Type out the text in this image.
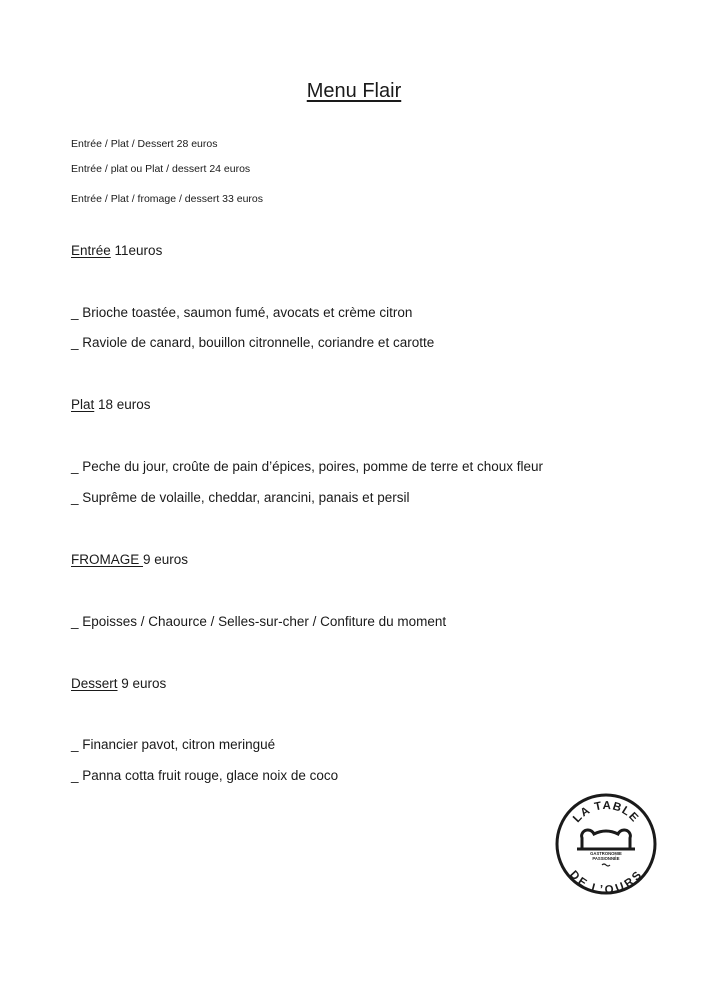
Menu Flair
Entrée / Plat / Dessert 28 euros
Entrée / plat ou Plat / dessert 24 euros
Entrée / Plat / fromage / dessert 33 euros
Entrée 11euros
_ Brioche toastée, saumon fumé, avocats et crème citron
_ Raviole de canard, bouillon citronnelle, coriandre et carotte
Plat 18 euros
_ Peche du jour, croûte de pain d’épices, poires, pomme de terre et choux fleur
_ Suprême de volaille, cheddar, arancini, panais et persil
FROMAGE 9 euros
_ Epoisses / Chaource / Selles-sur-cher / Confiture du moment
Dessert 9 euros
_ Financier pavot, citron meringué
_ Panna cotta fruit rouge, glace noix de coco
LA TABLE
DE L’OURS
GASTRONOMIE
PASSIONNÉE
